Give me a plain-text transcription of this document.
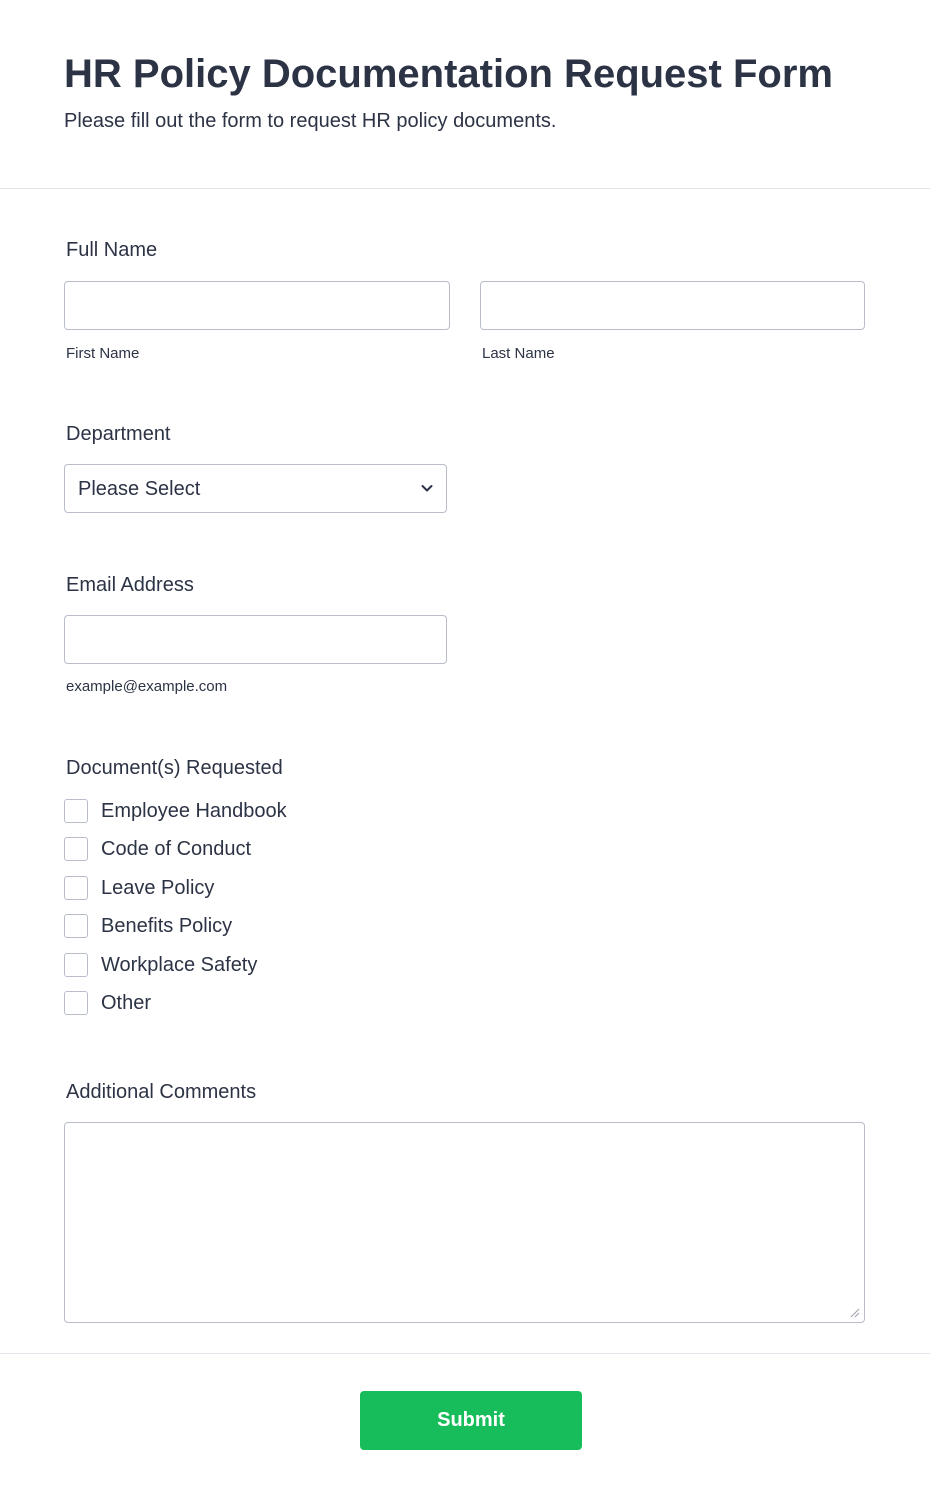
HR Policy Documentation Request Form

Please fill out the form to request HR policy documents.

Full Name
First Name	Last Name
Department
Please Select
Email Address
example@example.com
Document(s) Requested
Employee Handbook
Code of Conduct
Leave Policy
Benefits Policy
Workplace Safety
Other
Additional Comments
Submit
